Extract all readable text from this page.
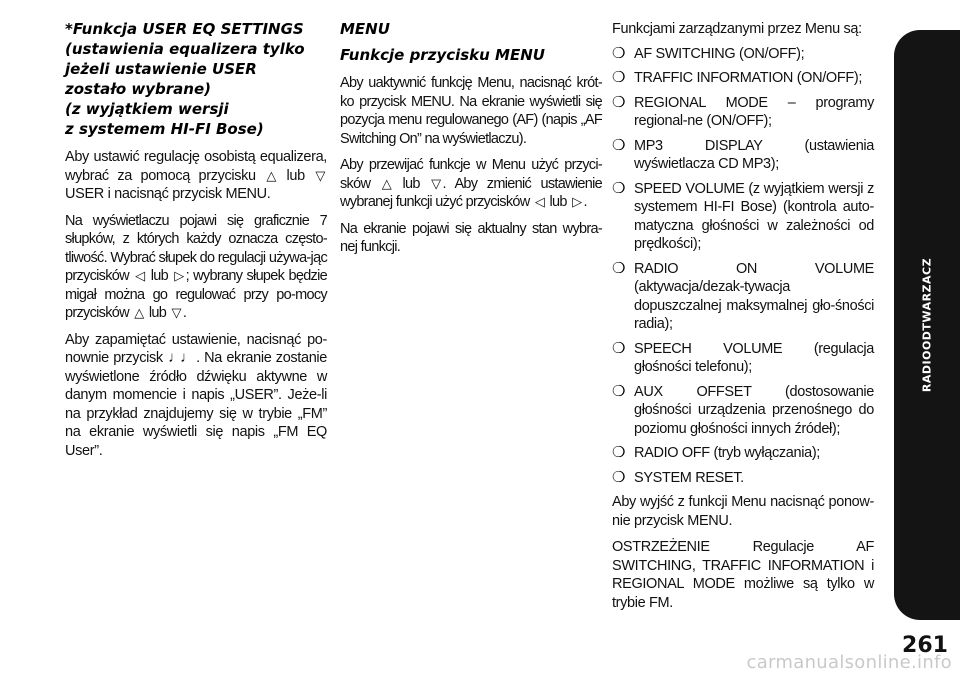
*Funkcja USER EQ SETTINGS
(ustawienia equalizera tylko
jeżeli ustawienie USER
zostało wybrane)
(z wyjątkiem wersji
z systemem HI-FI Bose)

Aby ustawić regulację osobistą equalizera, wybrać za pomocą przycisku △ lub ▽ USER i nacisnąć przycisk MENU.

Na wyświetlaczu pojawi się graficznie 7 słupków, z których każdy oznacza często-tliwość. Wybrać słupek do regulacji używa-jąc przycisków ◁ lub ▷ ; wybrany słupek będzie migał można go regulować przy po-mocy przycisków △ lub ▽ .

Aby zapamiętać ustawienie, nacisnąć po-nownie przycisk ♩♩ . Na ekranie zostanie wyświetlone źródło dźwięku aktywne w danym momencie i napis „USER”. Jeże-li na przykład znajdujemy się w trybie „FM” na ekranie wyświetli się napis „FM EQ User”.

MENU
Funkcje przycisku MENU

Aby uaktywnić funkcję Menu, nacisnąć krót-ko przycisk MENU. Na ekranie wyświetli się pozycja menu regulowanego (AF) (napis „AF Switching On” na wyświetlaczu).

Aby przewijać funkcje w Menu użyć przyci-sków △ lub ▽ . Aby zmienić ustawienie wybranej funkcji użyć przycisków ◁ lub ▷ .

Na ekranie pojawi się aktualny stan wybra-nej funkcji.

Funkcjami zarządzanymi przez Menu są:

❍ AF SWITCHING (ON/OFF);
❍ TRAFFIC INFORMATION (ON/OFF);
❍ REGIONAL MODE – programy regional-ne (ON/OFF);
❍ MP3 DISPLAY (ustawienia wyświetlacza CD MP3);
❍ SPEED VOLUME (z wyjątkiem wersji z systemem HI-FI Bose) (kontrola auto-matyczna głośności w zależności od prędkości);
❍ RADIO ON VOLUME (aktywacja/dezak-tywacja dopuszczalnej maksymalnej gło-śności radia);
❍ SPEECH VOLUME (regulacja głośności telefonu);
❍ AUX OFFSET (dostosowanie głośności urządzenia przenośnego do poziomu głośności innych źródeł);
❍ RADIO OFF (tryb wyłączania);
❍ SYSTEM RESET.

Aby wyjść z funkcji Menu nacisnąć ponow-nie przycisk MENU.

OSTRZEŻENIE Regulacje AF SWITCHING, TRAFFIC INFORMATION i REGIONAL MODE możliwe są tylko w trybie FM.

RADIOODTWARZACZ
261
carmanualsonline.info
